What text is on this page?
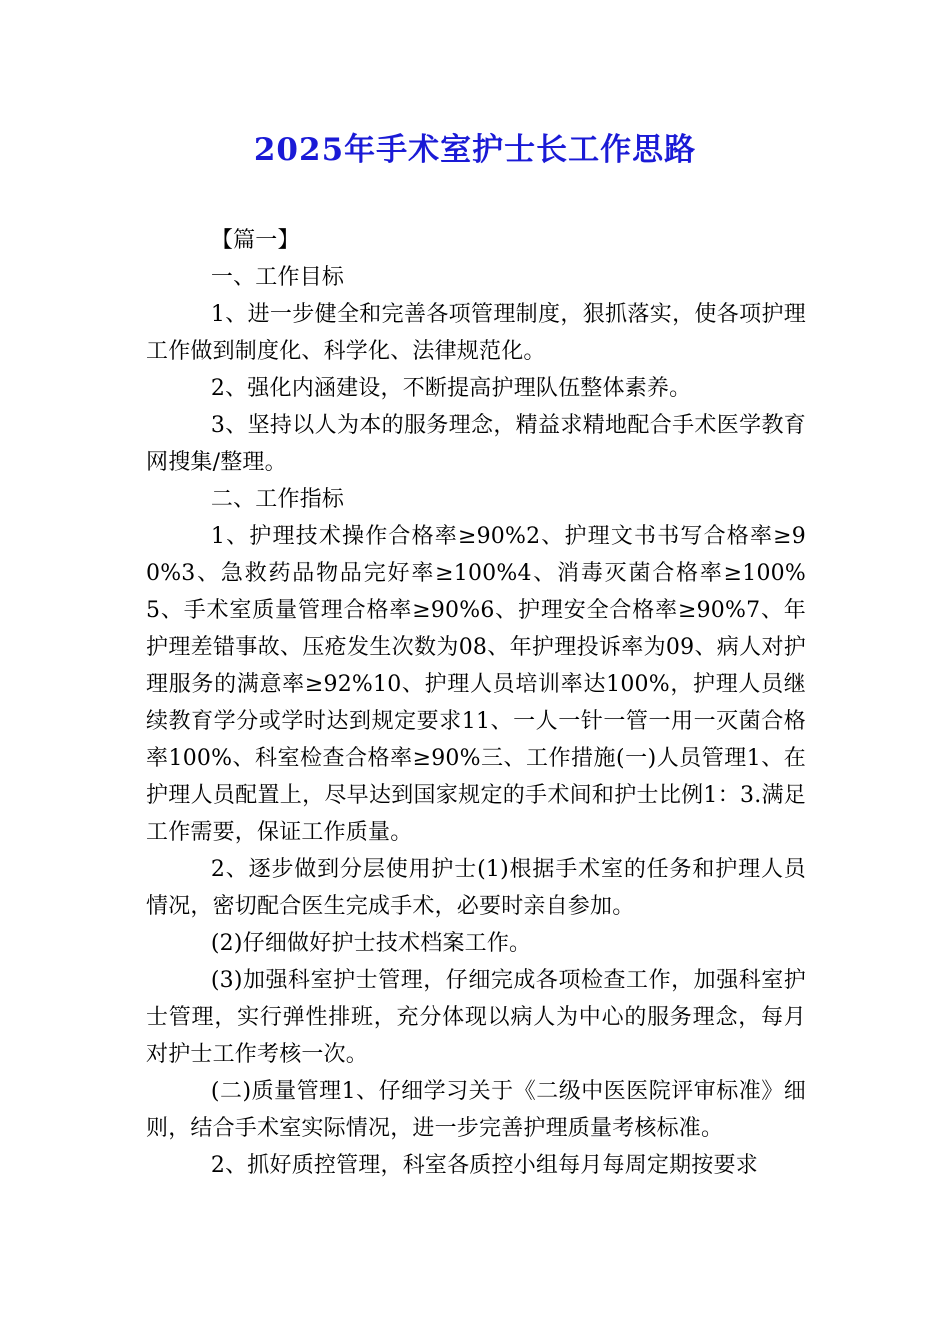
2025年手术室护士长工作思路

【篇一】

一、工作目标

1、进一步健全和完善各项管理制度，狠抓落实，使各项护理工作做到制度化、科学化、法律规范化。

2、强化内涵建设，不断提高护理队伍整体素养。

3、坚持以人为本的服务理念，精益求精地配合手术医学教育网搜集/整理。

二、工作指标

1、护理技术操作合格率≥90%2、护理文书书写合格率≥90%3、急救药品物品完好率≥100%4、消毒灭菌合格率≥100%5、手术室质量管理合格率≥90%6、护理安全合格率≥90%7、年护理差错事故、压疮发生次数为08、年护理投诉率为09、病人对护理服务的满意率≥92%10、护理人员培训率达100%，护理人员继续教育学分或学时达到规定要求11、一人一针一管一用一灭菌合格率100%、科室检查合格率≥90%三、工作措施(一)人员管理1、在护理人员配置上，尽早达到国家规定的手术间和护士比例1：3.满足工作需要，保证工作质量。

2、逐步做到分层使用护士(1)根据手术室的任务和护理人员情况，密切配合医生完成手术，必要时亲自参加。

(2)仔细做好护士技术档案工作。

(3)加强科室护士管理，仔细完成各项检查工作，加强科室护士管理，实行弹性排班，充分体现以病人为中心的服务理念，每月对护士工作考核一次。

(二)质量管理1、仔细学习关于《二级中医医院评审标准》细则，结合手术室实际情况，进一步完善护理质量考核标准。

2、抓好质控管理，科室各质控小组每月每周定期按要求
